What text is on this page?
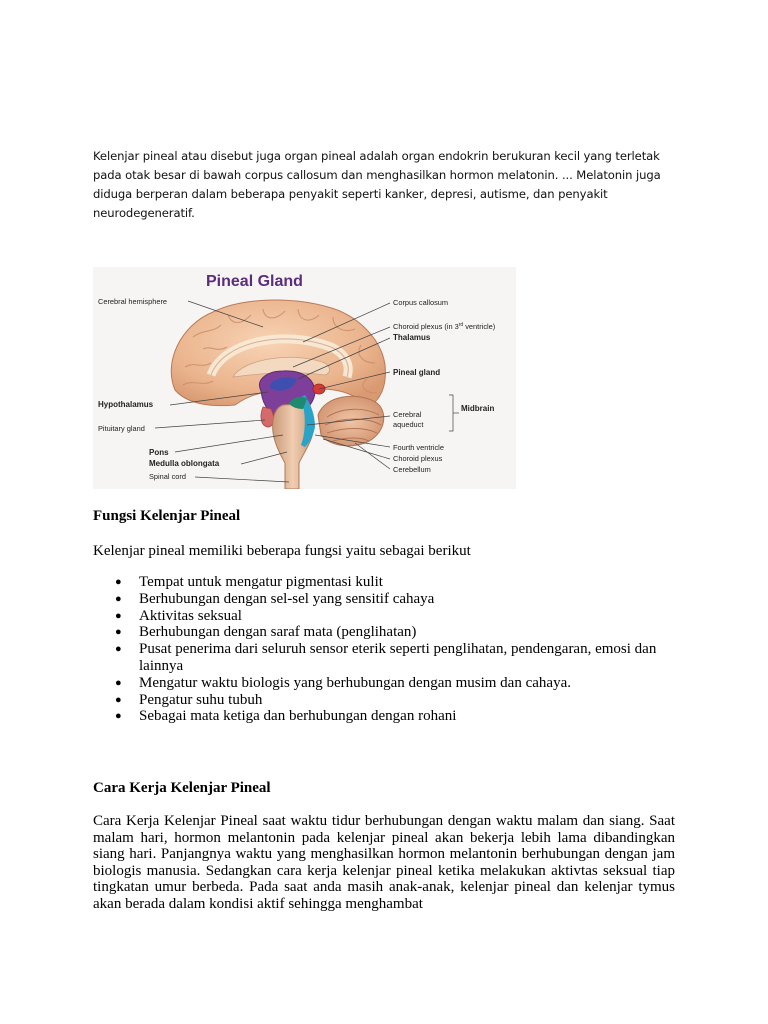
Kelenjar pineal atau disebut juga organ pineal adalah organ endokrin berukuran kecil yang terletak pada otak besar di bawah corpus callosum dan menghasilkan hormon melatonin. ... Melatonin juga diduga berperan dalam beberapa penyakit seperti kanker, depresi, autisme, dan penyakit neurodegeneratif.

Pineal Gland
Cerebral hemisphere
Hypothalamus
Pituitary gland
Pons
Medulla oblongata
Spinal cord
Corpus callosum
Choroid plexus (in 3rd ventricle)
Thalamus
Pineal gland
Cerebral
aqueduct
Midbrain
Fourth ventricle
Choroid plexus
Cerebellum
Fungsi Kelenjar Pineal
Kelenjar pineal memiliki beberapa fungsi yaitu sebagai berikut
● Tempat untuk mengatur pigmentasi kulit
● Berhubungan dengan sel-sel yang sensitif cahaya
● Aktivitas seksual
● Berhubungan dengan saraf mata (penglihatan)
● Pusat penerima dari seluruh sensor eterik seperti penglihatan, pendengaran, emosi dan lainnya
● Mengatur waktu biologis yang berhubungan dengan musim dan cahaya.
● Pengatur suhu tubuh
● Sebagai mata ketiga dan berhubungan dengan rohani
Cara Kerja Kelenjar Pineal
Cara Kerja Kelenjar Pineal saat waktu tidur berhubungan dengan waktu malam dan siang. Saat malam hari, hormon melantonin pada kelenjar pineal akan bekerja lebih lama dibandingkan siang hari. Panjangnya waktu yang menghasilkan hormon melantonin berhubungan dengan jam biologis manusia. Sedangkan cara kerja kelenjar pineal ketika melakukan aktivtas seksual tiap tingkatan umur berbeda. Pada saat anda masih anak-anak, kelenjar pineal dan kelenjar tymus akan berada dalam kondisi aktif sehingga menghambat
